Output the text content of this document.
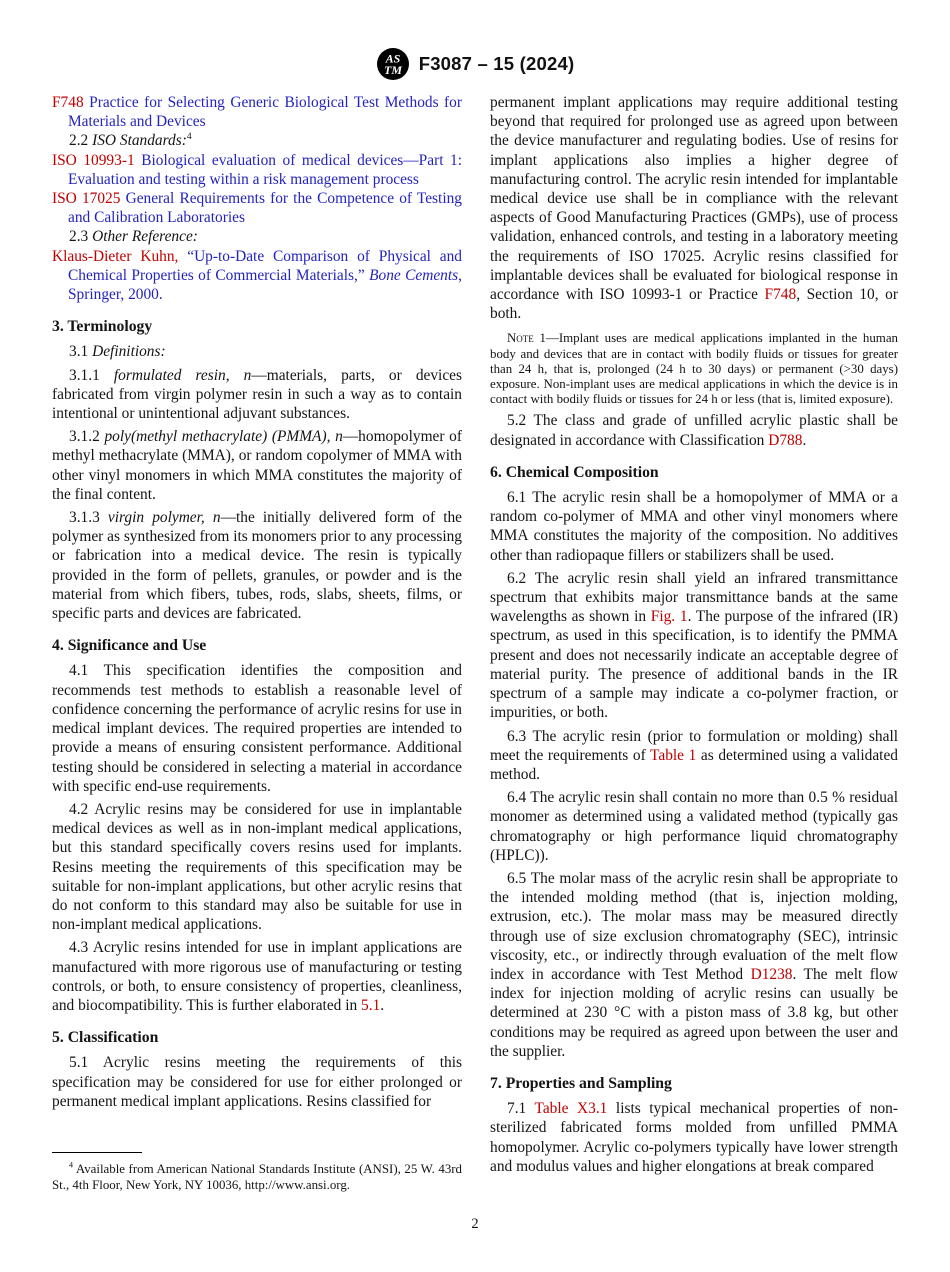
AS
TM F3087 – 15 (2024)
F748 Practice for Selecting Generic Biological Test Methods for Materials and Devices
2.2 ISO Standards:$^4$
ISO 10993-1 Biological evaluation of medical devices—Part 1: Evaluation and testing within a risk management process
ISO 17025 General Requirements for the Competence of Testing and Calibration Laboratories
2.3 Other Reference:
Klaus-Dieter Kuhn, “Up-to-Date Comparison of Physical and Chemical Properties of Commercial Materials,” Bone Cements, Springer, 2000.
3. Terminology
3.1 Definitions:
3.1.1 formulated resin, n—materials, parts, or devices fabricated from virgin polymer resin in such a way as to contain intentional or unintentional adjuvant substances.
3.1.2 poly(methyl methacrylate) (PMMA), n—homopolymer of methyl methacrylate (MMA), or random copolymer of MMA with other vinyl monomers in which MMA constitutes the majority of the final content.
3.1.3 virgin polymer, n—the initially delivered form of the polymer as synthesized from its monomers prior to any processing or fabrication into a medical device. The resin is typically provided in the form of pellets, granules, or powder and is the material from which fibers, tubes, rods, slabs, sheets, films, or specific parts and devices are fabricated.
4. Significance and Use
4.1 This specification identifies the composition and recommends test methods to establish a reasonable level of confidence concerning the performance of acrylic resins for use in medical implant devices. The required properties are intended to provide a means of ensuring consistent performance. Additional testing should be considered in selecting a material in accordance with specific end-use requirements.
4.2 Acrylic resins may be considered for use in implantable medical devices as well as in non-implant medical applications, but this standard specifically covers resins used for implants. Resins meeting the requirements of this specification may be suitable for non-implant applications, but other acrylic resins that do not conform to this standard may also be suitable for use in non-implant medical applications.
4.3 Acrylic resins intended for use in implant applications are manufactured with more rigorous use of manufacturing or testing controls, or both, to ensure consistency of properties, cleanliness, and biocompatibility. This is further elaborated in 5.1.
5. Classification
5.1 Acrylic resins meeting the requirements of this specification may be considered for use for either prolonged or permanent medical implant applications. Resins classified for
permanent implant applications may require additional testing beyond that required for prolonged use as agreed upon between the device manufacturer and regulating bodies. Use of resins for implant applications also implies a higher degree of manufacturing control. The acrylic resin intended for implantable medical device use shall be in compliance with the relevant aspects of Good Manufacturing Practices (GMPs), use of process validation, enhanced controls, and testing in a laboratory meeting the requirements of ISO 17025. Acrylic resins classified for implantable devices shall be evaluated for biological response in accordance with ISO 10993-1 or Practice F748, Section 10, or both.
Note 1—Implant uses are medical applications implanted in the human body and devices that are in contact with bodily fluids or tissues for greater than 24 h, that is, prolonged (24 h to 30 days) or permanent (>30 days) exposure. Non-implant uses are medical applications in which the device is in contact with bodily fluids or tissues for 24 h or less (that is, limited exposure).
5.2 The class and grade of unfilled acrylic plastic shall be designated in accordance with Classification D788.
6. Chemical Composition
6.1 The acrylic resin shall be a homopolymer of MMA or a random co-polymer of MMA and other vinyl monomers where MMA constitutes the majority of the composition. No additives other than radiopaque fillers or stabilizers shall be used.
6.2 The acrylic resin shall yield an infrared transmittance spectrum that exhibits major transmittance bands at the same wavelengths as shown in Fig. 1. The purpose of the infrared (IR) spectrum, as used in this specification, is to identify the PMMA present and does not necessarily indicate an acceptable degree of material purity. The presence of additional bands in the IR spectrum of a sample may indicate a co-polymer fraction, or impurities, or both.
6.3 The acrylic resin (prior to formulation or molding) shall meet the requirements of Table 1 as determined using a validated method.
6.4 The acrylic resin shall contain no more than 0.5 % residual monomer as determined using a validated method (typically gas chromatography or high performance liquid chromatography (HPLC)).
6.5 The molar mass of the acrylic resin shall be appropriate to the intended molding method (that is, injection molding, extrusion, etc.). The molar mass may be measured directly through use of size exclusion chromatography (SEC), intrinsic viscosity, etc., or indirectly through evaluation of the melt flow index in accordance with Test Method D1238. The melt flow index for injection molding of acrylic resins can usually be determined at 230 °C with a piston mass of 3.8 kg, but other conditions may be required as agreed upon between the user and the supplier.
7. Properties and Sampling
7.1 Table X3.1 lists typical mechanical properties of non-sterilized fabricated forms molded from unfilled PMMA homopolymer. Acrylic co-polymers typically have lower strength and modulus values and higher elongations at break compared
$^4$ Available from American National Standards Institute (ANSI), 25 W. 43rd St., 4th Floor, New York, NY 10036, http://www.ansi.org.
2
